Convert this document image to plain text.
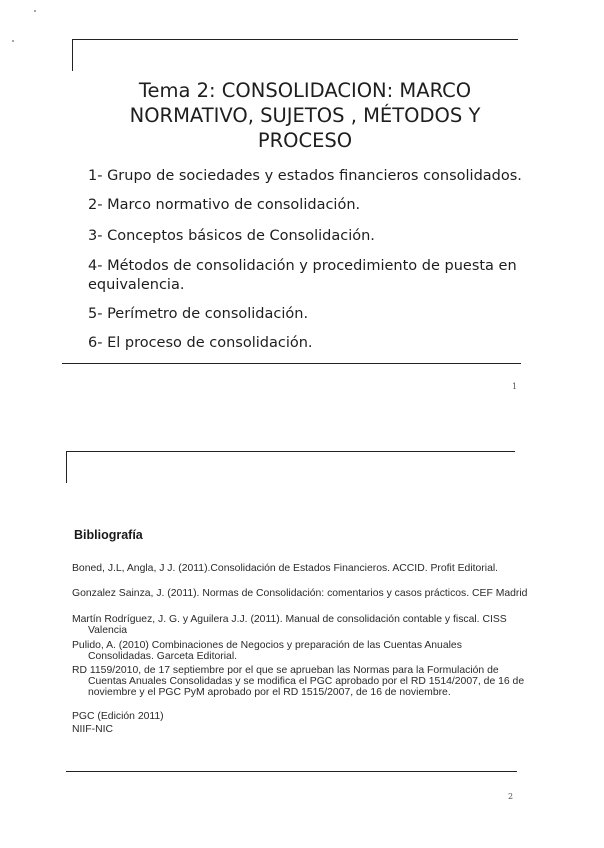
Tema 2: CONSOLIDACION: MARCO
NORMATIVO, SUJETOS , MÉTODOS Y
PROCESO
1- Grupo de sociedades y estados financieros consolidados.
2- Marco normativo de consolidación.
3- Conceptos básicos de Consolidación.
4- Métodos de consolidación y procedimiento de puesta en equivalencia.
5- Perímetro de consolidación.
6- El proceso de consolidación.
1
Bibliografía
Boned, J.L, Angla, J J. (2011).Consolidación de Estados Financieros. ACCID. Profit Editorial.
Gonzalez Sainza, J. (2011). Normas de Consolidación: comentarios y casos prácticos. CEF Madrid
Martín Rodríguez, J. G. y Aguilera J.J. (2011). Manual de consolidación contable y fiscal. CISS Valencia
Pulido, A. (2010) Combinaciones de Negocios y preparación de las Cuentas Anuales Consolidadas. Garceta Editorial.
RD 1159/2010, de 17 septiembre por el que se aprueban las Normas para la Formulación de Cuentas Anuales Consolidadas y se modifica el PGC aprobado por el RD 1514/2007, de 16 de noviembre y el PGC PyM aprobado por el RD 1515/2007, de 16 de noviembre.
PGC (Edición 2011)
NIIF-NIC
2
